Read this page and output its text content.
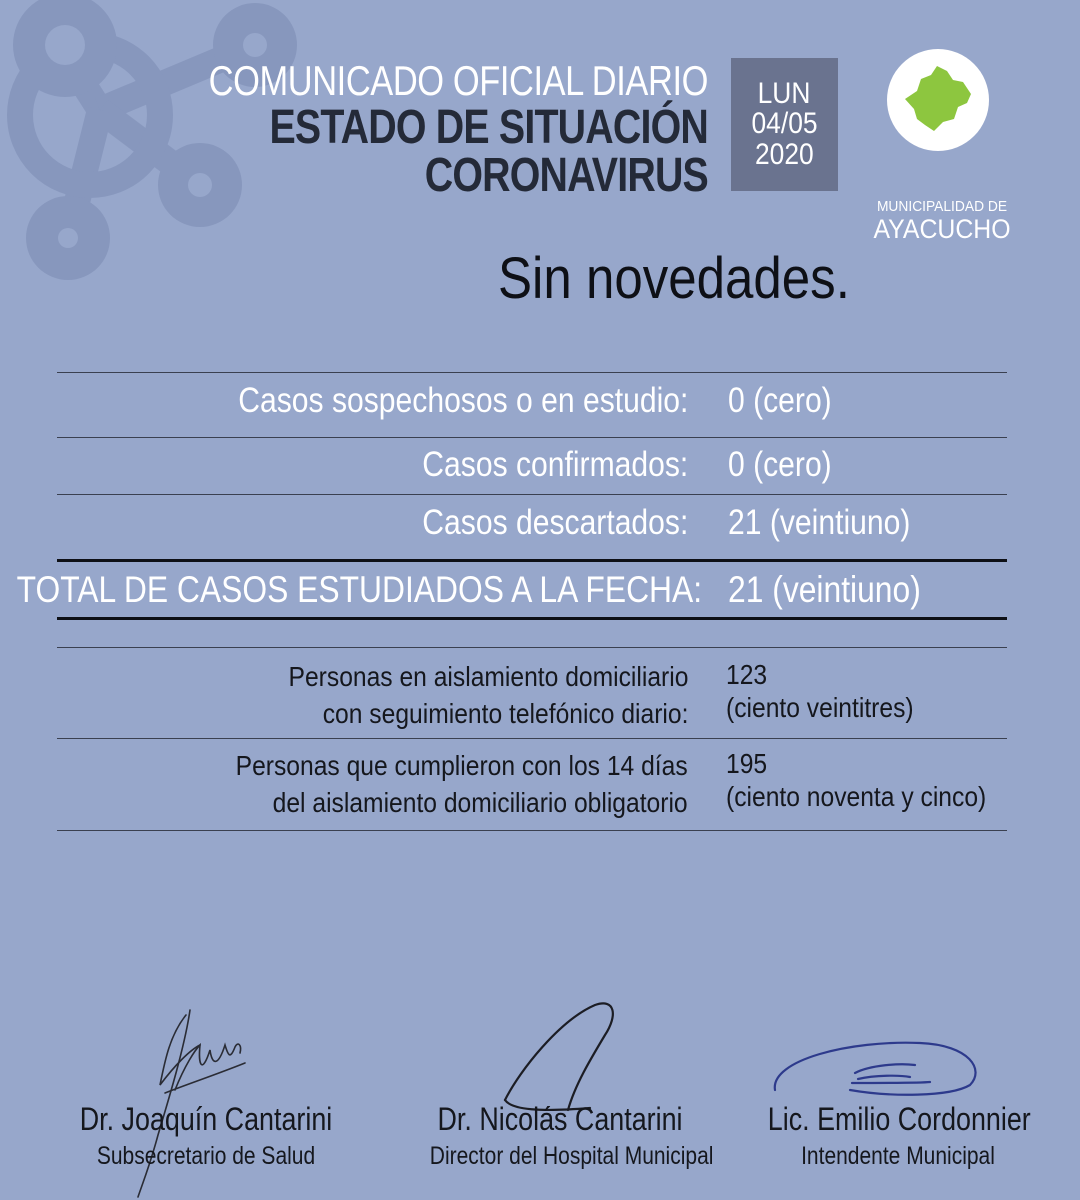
COMUNICADO OFICIAL DIARIO
ESTADO DE SITUACIÓN
CORONAVIRUS
LUN
04/05
2020
MUNICIPALIDAD DE
AYACUCHO
Sin novedades.
Casos sospechosos o en estudio: 0 (cero)
Casos confirmados: 0 (cero)
Casos descartados: 21 (veintiuno)
TOTAL DE CASOS ESTUDIADOS A LA FECHA: 21 (veintiuno)
Personas en aislamiento domiciliario
con seguimiento telefónico diario:
123
(ciento veintitres)
Personas que cumplieron con los 14 días
del aislamiento domiciliario obligatorio
195
(ciento noventa y cinco)
Dr. Joaquín Cantarini
Subsecretario de Salud
Dr. Nicolás Cantarini
Director del Hospital Municipal
Lic. Emilio Cordonnier
Intendente Municipal
